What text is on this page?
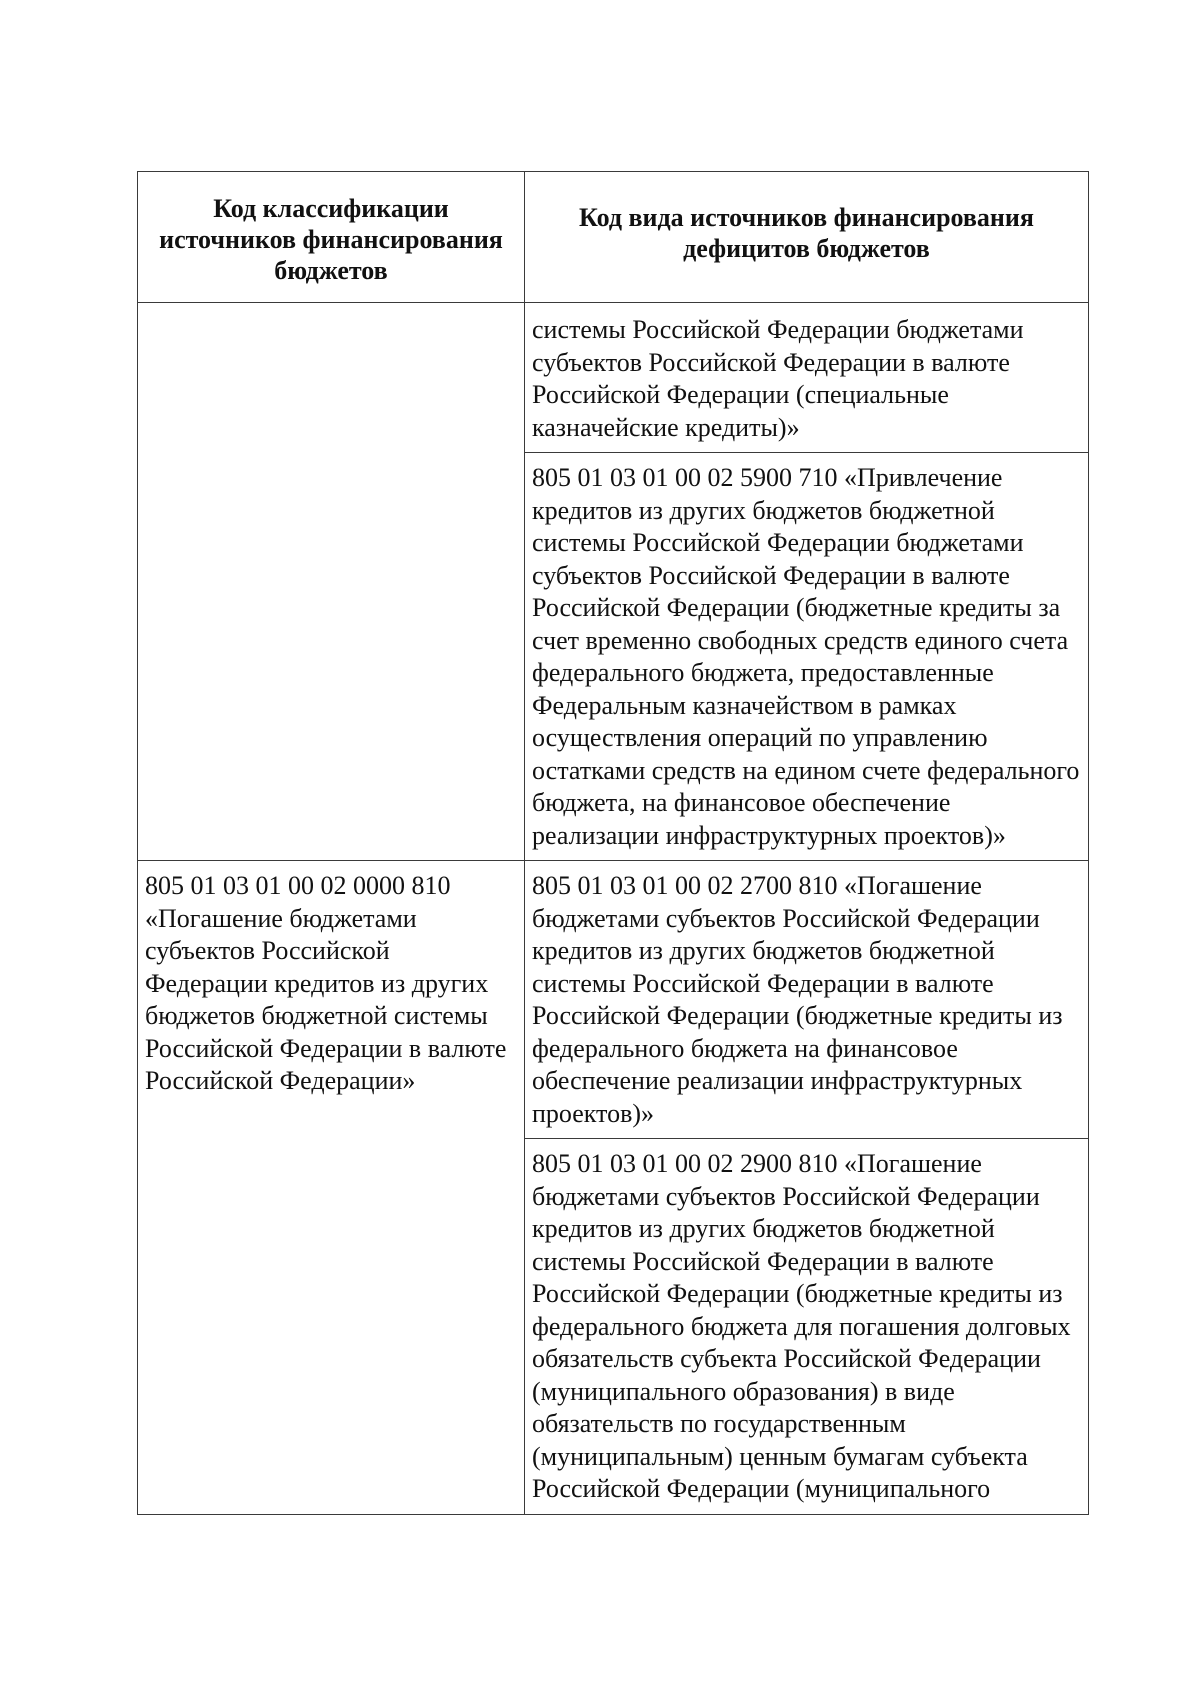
Код классификации источников финансирования бюджетов	Код вида источников финансирования дефицитов бюджетов

	системы Российской Федерации бюджетами субъектов Российской Федерации в валюте Российской Федерации (специальные казначейские кредиты)»

	805 01 03 01 00 02 5900 710 «Привлечение кредитов из других бюджетов бюджетной системы Российской Федерации бюджетами субъектов Российской Федерации в валюте Российской Федерации (бюджетные кредиты за счет временно свободных средств единого счета федерального бюджета, предоставленные Федеральным казначейством в рамках осуществления операций по управлению остатками средств на едином счете федерального бюджета, на финансовое обеспечение реализации инфраструктурных проектов)»

805 01 03 01 00 02 0000 810 «Погашение бюджетами субъектов Российской Федерации кредитов из других бюджетов бюджетной системы Российской Федерации в валюте Российской Федерации»	805 01 03 01 00 02 2700 810 «Погашение бюджетами субъектов Российской Федерации кредитов из других бюджетов бюджетной системы Российской Федерации в валюте Российской Федерации (бюджетные кредиты из федерального бюджета на финансовое обеспечение реализации инфраструктурных проектов)»

	805 01 03 01 00 02 2900 810 «Погашение бюджетами субъектов Российской Федерации кредитов из других бюджетов бюджетной системы Российской Федерации в валюте Российской Федерации (бюджетные кредиты из федерального бюджета для погашения долговых обязательств субъекта Российской Федерации (муниципального образования) в виде обязательств по государственным (муниципальным) ценным бумагам субъекта Российской Федерации (муниципального
